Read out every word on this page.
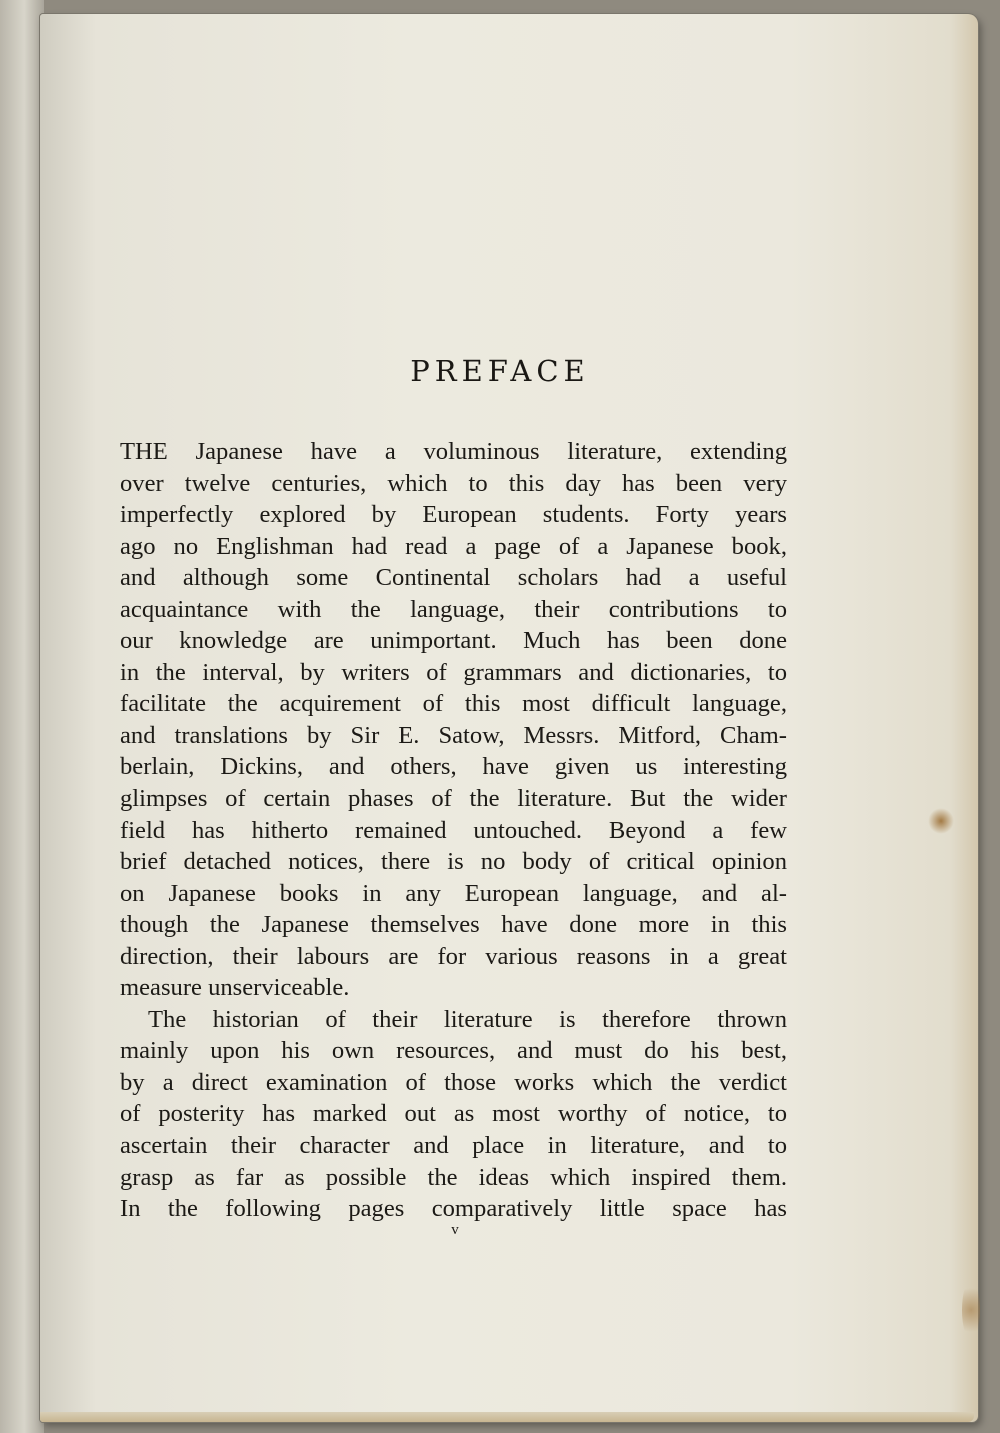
PREFACE
THE Japanese have a voluminous literature, extending
over twelve centuries, which to this day has been very
imperfectly explored by European students. Forty years
ago no Englishman had read a page of a Japanese book,
and although some Continental scholars had a useful
acquaintance with the language, their contributions to
our knowledge are unimportant. Much has been done
in the interval, by writers of grammars and dictionaries, to
facilitate the acquirement of this most difficult language,
and translations by Sir E. Satow, Messrs. Mitford, Cham-
berlain, Dickins, and others, have given us interesting
glimpses of certain phases of the literature. But the wider
field has hitherto remained untouched. Beyond a few
brief detached notices, there is no body of critical opinion
on Japanese books in any European language, and al-
though the Japanese themselves have done more in this
direction, their labours are for various reasons in a great
measure unserviceable.
The historian of their literature is therefore thrown
mainly upon his own resources, and must do his best,
by a direct examination of those works which the verdict
of posterity has marked out as most worthy of notice, to
ascertain their character and place in literature, and to
grasp as far as possible the ideas which inspired them.
In the following pages comparatively little space has
v
